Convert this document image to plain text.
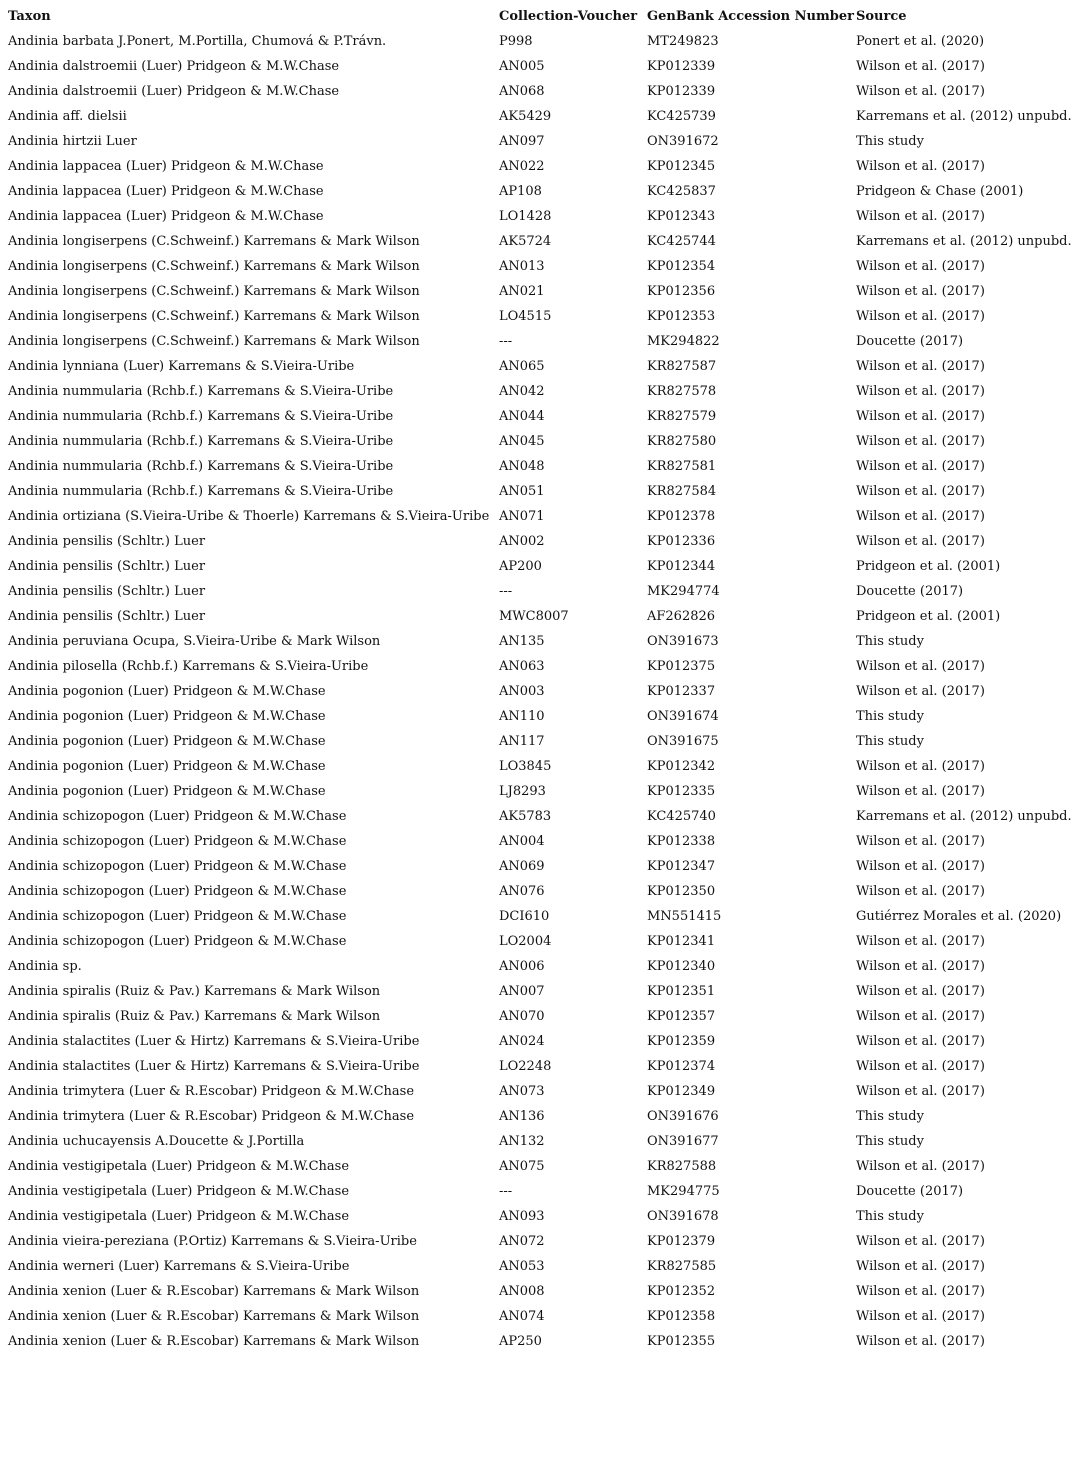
Taxon	Collection-Voucher	GenBank Accession Number	Source
Andinia barbata J.Ponert, M.Portilla, Chumová & P.Trávn.	P998	MT249823	Ponert et al. (2020)
Andinia dalstroemii (Luer) Pridgeon & M.W.Chase	AN005	KP012339	Wilson et al. (2017)
Andinia dalstroemii (Luer) Pridgeon & M.W.Chase	AN068	KP012339	Wilson et al. (2017)
Andinia aff. dielsii	AK5429	KC425739	Karremans et al. (2012) unpubd.
Andinia hirtzii Luer	AN097	ON391672	This study
Andinia lappacea (Luer) Pridgeon & M.W.Chase	AN022	KP012345	Wilson et al. (2017)
Andinia lappacea (Luer) Pridgeon & M.W.Chase	AP108	KC425837	Pridgeon & Chase (2001)
Andinia lappacea (Luer) Pridgeon & M.W.Chase	LO1428	KP012343	Wilson et al. (2017)
Andinia longiserpens (C.Schweinf.) Karremans & Mark Wilson	AK5724	KC425744	Karremans et al. (2012) unpubd.
Andinia longiserpens (C.Schweinf.) Karremans & Mark Wilson	AN013	KP012354	Wilson et al. (2017)
Andinia longiserpens (C.Schweinf.) Karremans & Mark Wilson	AN021	KP012356	Wilson et al. (2017)
Andinia longiserpens (C.Schweinf.) Karremans & Mark Wilson	LO4515	KP012353	Wilson et al. (2017)
Andinia longiserpens (C.Schweinf.) Karremans & Mark Wilson	---	MK294822	Doucette (2017)
Andinia lynniana (Luer) Karremans & S.Vieira-Uribe	AN065	KR827587	Wilson et al. (2017)
Andinia nummularia (Rchb.f.) Karremans & S.Vieira-Uribe	AN042	KR827578	Wilson et al. (2017)
Andinia nummularia (Rchb.f.) Karremans & S.Vieira-Uribe	AN044	KR827579	Wilson et al. (2017)
Andinia nummularia (Rchb.f.) Karremans & S.Vieira-Uribe	AN045	KR827580	Wilson et al. (2017)
Andinia nummularia (Rchb.f.) Karremans & S.Vieira-Uribe	AN048	KR827581	Wilson et al. (2017)
Andinia nummularia (Rchb.f.) Karremans & S.Vieira-Uribe	AN051	KR827584	Wilson et al. (2017)
Andinia ortiziana (S.Vieira-Uribe & Thoerle) Karremans & S.Vieira-Uribe	AN071	KP012378	Wilson et al. (2017)
Andinia pensilis (Schltr.) Luer	AN002	KP012336	Wilson et al. (2017)
Andinia pensilis (Schltr.) Luer	AP200	KP012344	Pridgeon et al. (2001)
Andinia pensilis (Schltr.) Luer	---	MK294774	Doucette (2017)
Andinia pensilis (Schltr.) Luer	MWC8007	AF262826	Pridgeon et al. (2001)
Andinia peruviana Ocupa, S.Vieira-Uribe & Mark Wilson	AN135	ON391673	This study
Andinia pilosella (Rchb.f.) Karremans & S.Vieira-Uribe	AN063	KP012375	Wilson et al. (2017)
Andinia pogonion (Luer) Pridgeon & M.W.Chase	AN003	KP012337	Wilson et al. (2017)
Andinia pogonion (Luer) Pridgeon & M.W.Chase	AN110	ON391674	This study
Andinia pogonion (Luer) Pridgeon & M.W.Chase	AN117	ON391675	This study
Andinia pogonion (Luer) Pridgeon & M.W.Chase	LO3845	KP012342	Wilson et al. (2017)
Andinia pogonion (Luer) Pridgeon & M.W.Chase	LJ8293	KP012335	Wilson et al. (2017)
Andinia schizopogon (Luer) Pridgeon & M.W.Chase	AK5783	KC425740	Karremans et al. (2012) unpubd.
Andinia schizopogon (Luer) Pridgeon & M.W.Chase	AN004	KP012338	Wilson et al. (2017)
Andinia schizopogon (Luer) Pridgeon & M.W.Chase	AN069	KP012347	Wilson et al. (2017)
Andinia schizopogon (Luer) Pridgeon & M.W.Chase	AN076	KP012350	Wilson et al. (2017)
Andinia schizopogon (Luer) Pridgeon & M.W.Chase	DCI610	MN551415	Gutiérrez Morales et al. (2020)
Andinia schizopogon (Luer) Pridgeon & M.W.Chase	LO2004	KP012341	Wilson et al. (2017)
Andinia sp.	AN006	KP012340	Wilson et al. (2017)
Andinia spiralis (Ruiz & Pav.) Karremans & Mark Wilson	AN007	KP012351	Wilson et al. (2017)
Andinia spiralis (Ruiz & Pav.) Karremans & Mark Wilson	AN070	KP012357	Wilson et al. (2017)
Andinia stalactites (Luer & Hirtz) Karremans & S.Vieira-Uribe	AN024	KP012359	Wilson et al. (2017)
Andinia stalactites (Luer & Hirtz) Karremans & S.Vieira-Uribe	LO2248	KP012374	Wilson et al. (2017)
Andinia trimytera (Luer & R.Escobar) Pridgeon & M.W.Chase	AN073	KP012349	Wilson et al. (2017)
Andinia trimytera (Luer & R.Escobar) Pridgeon & M.W.Chase	AN136	ON391676	This study
Andinia uchucayensis A.Doucette & J.Portilla	AN132	ON391677	This study
Andinia vestigipetala (Luer) Pridgeon & M.W.Chase	AN075	KR827588	Wilson et al. (2017)
Andinia vestigipetala (Luer) Pridgeon & M.W.Chase	---	MK294775	Doucette (2017)
Andinia vestigipetala (Luer) Pridgeon & M.W.Chase	AN093	ON391678	This study
Andinia vieira-pereziana (P.Ortiz) Karremans & S.Vieira-Uribe	AN072	KP012379	Wilson et al. (2017)
Andinia werneri (Luer) Karremans & S.Vieira-Uribe	AN053	KR827585	Wilson et al. (2017)
Andinia xenion (Luer & R.Escobar) Karremans & Mark Wilson	AN008	KP012352	Wilson et al. (2017)
Andinia xenion (Luer & R.Escobar) Karremans & Mark Wilson	AN074	KP012358	Wilson et al. (2017)
Andinia xenion (Luer & R.Escobar) Karremans & Mark Wilson	AP250	KP012355	Wilson et al. (2017)
